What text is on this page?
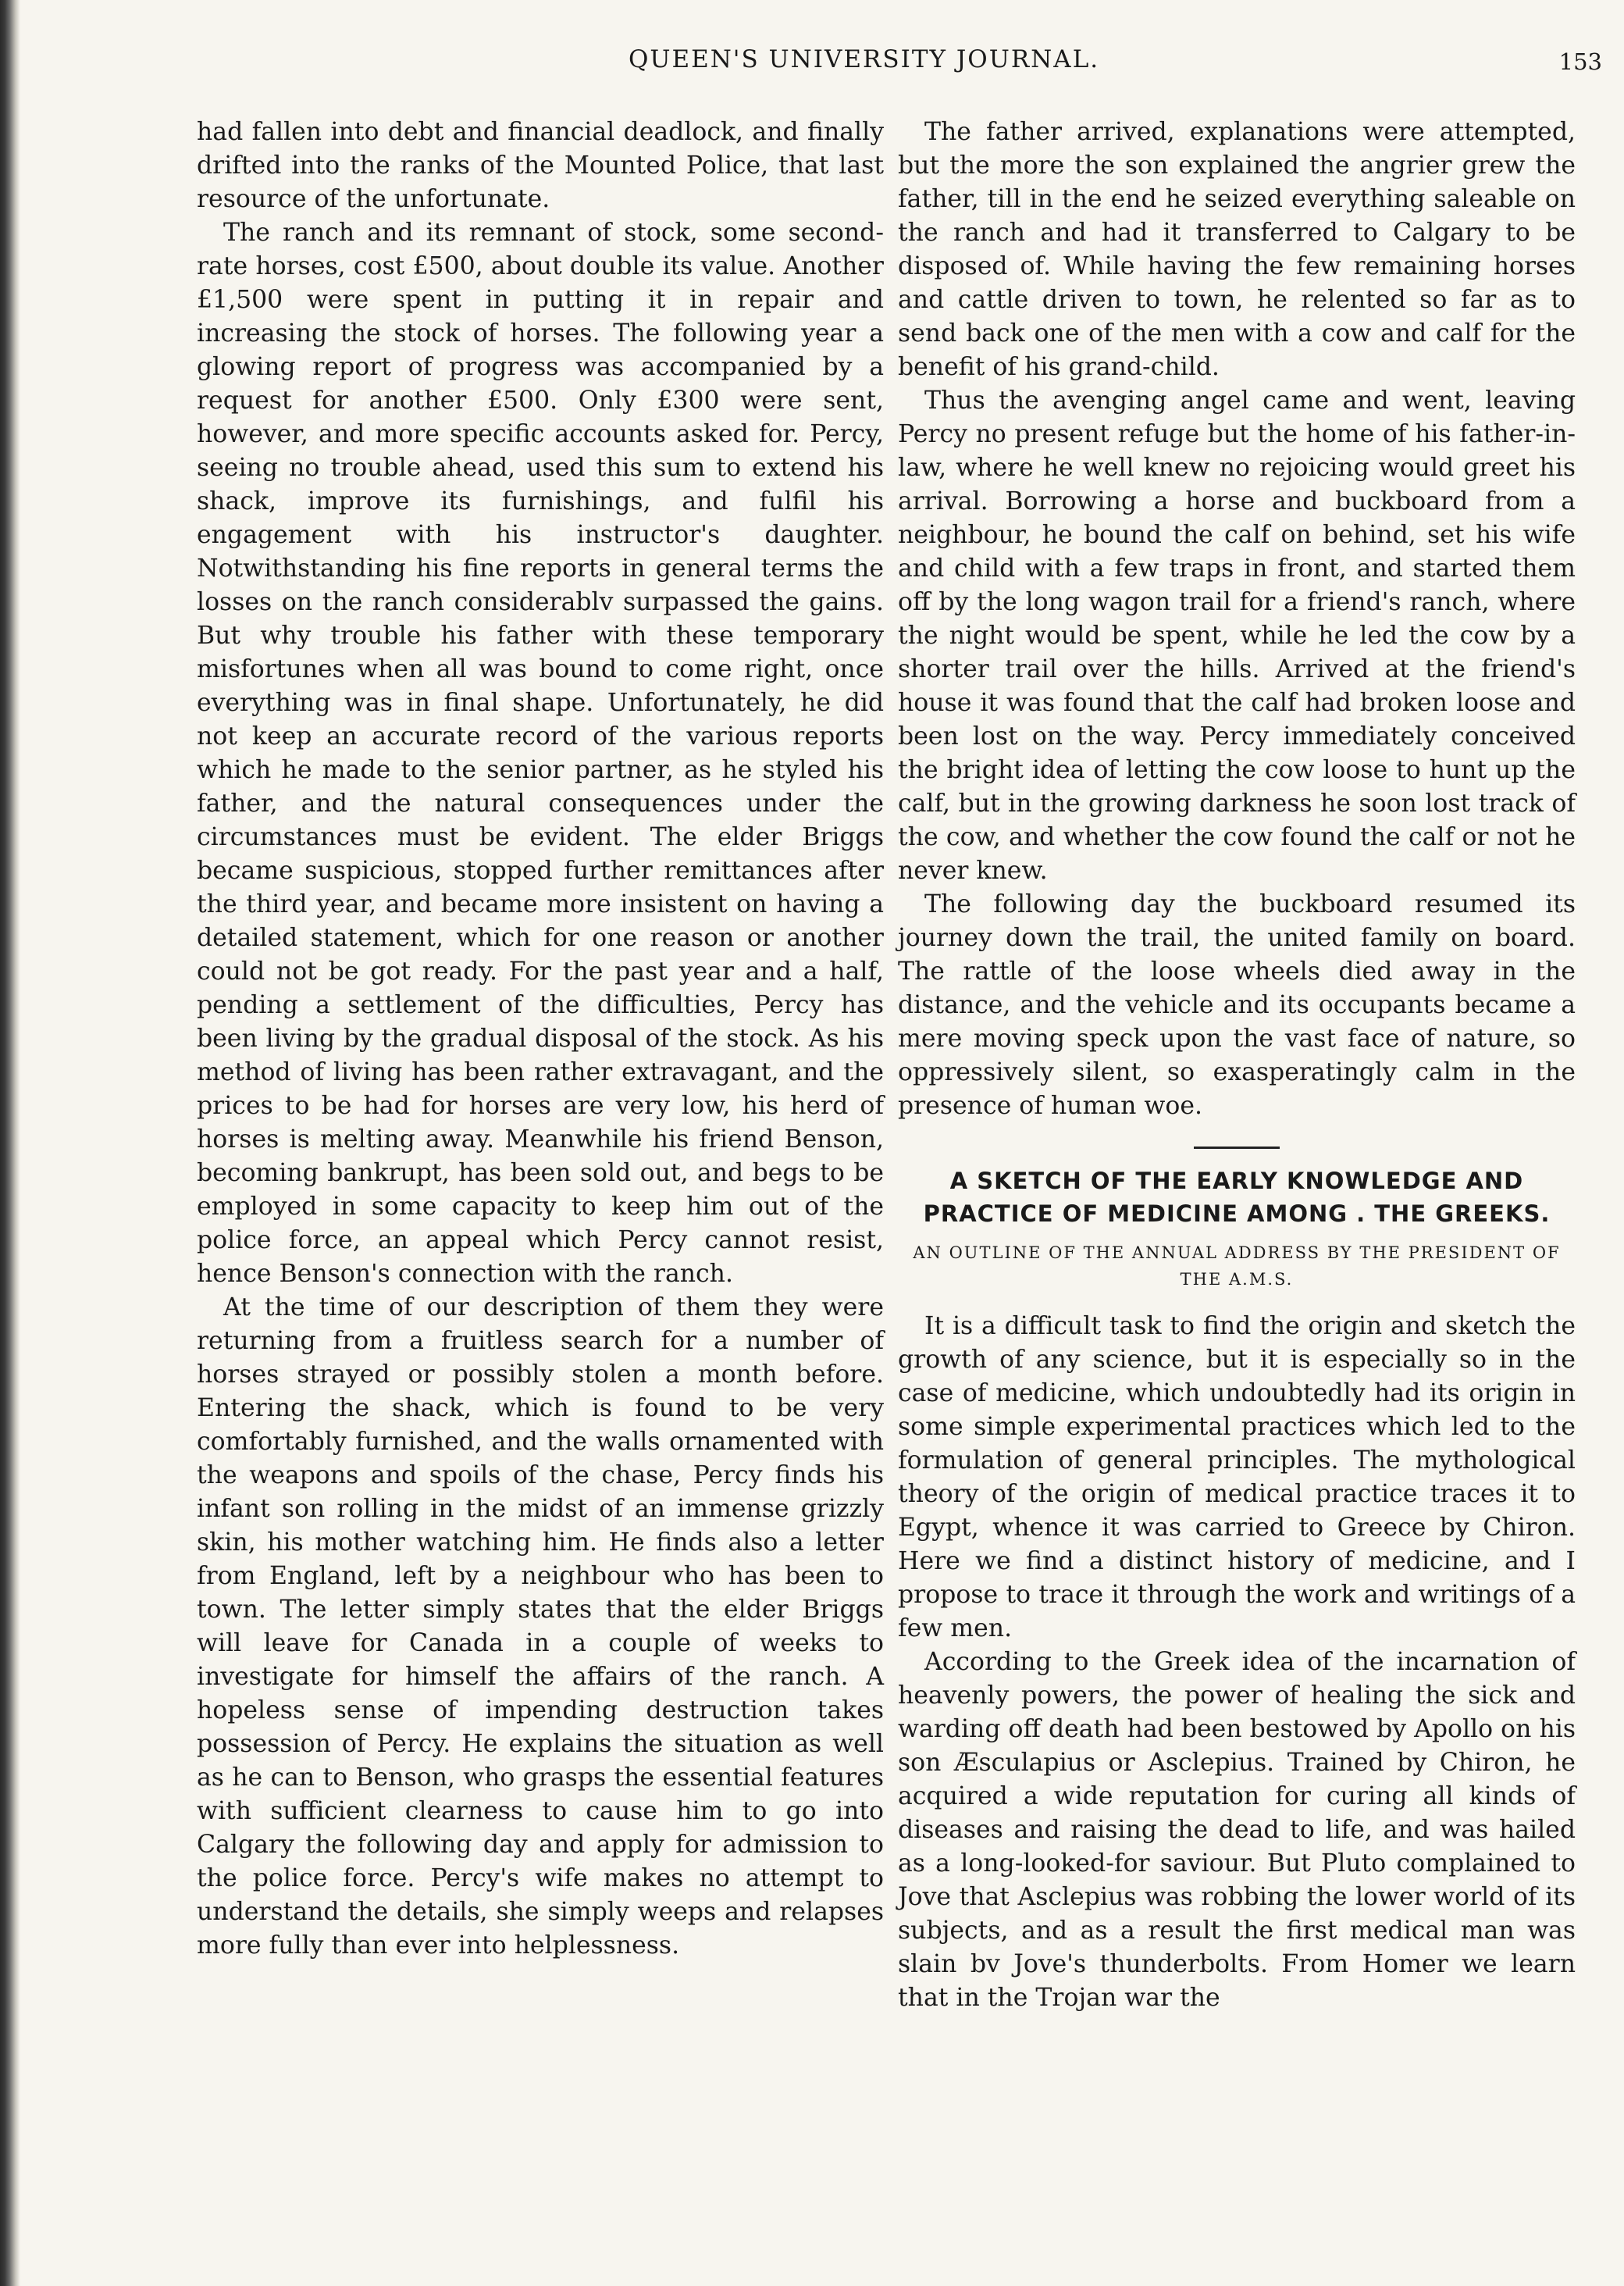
QUEEN'S UNIVERSITY JOURNAL.	153

had fallen into debt and financial deadlock, and finally drifted into the ranks of the Mounted Police, that last resource of the unfortunate.

The ranch and its remnant of stock, some second-rate horses, cost £500, about double its value. Another £1,500 were spent in putting it in repair and increasing the stock of horses. The following year a glowing report of progress was accompanied by a request for another £500. Only £300 were sent, however, and more specific accounts asked for. Percy, seeing no trouble ahead, used this sum to extend his shack, improve its furnishings, and fulfil his engagement with his instructor's daughter. Notwithstanding his fine reports in general terms the losses on the ranch considerablv surpassed the gains. But why trouble his father with these temporary misfortunes when all was bound to come right, once everything was in final shape. Unfortunately, he did not keep an accurate record of the various reports which he made to the senior partner, as he styled his father, and the natural consequences under the circumstances must be evident. The elder Briggs became suspicious, stopped further remittances after the third year, and became more insistent on having a detailed statement, which for one reason or another could not be got ready. For the past year and a half, pending a settlement of the difficulties, Percy has been living by the gradual disposal of the stock. As his method of living has been rather extravagant, and the prices to be had for horses are very low, his herd of horses is melting away. Meanwhile his friend Benson, becoming bankrupt, has been sold out, and begs to be employed in some capacity to keep him out of the police force, an appeal which Percy cannot resist, hence Benson's connection with the ranch.

At the time of our description of them they were returning from a fruitless search for a number of horses strayed or possibly stolen a month before. Entering the shack, which is found to be very comfortably furnished, and the walls ornamented with the weapons and spoils of the chase, Percy finds his infant son rolling in the midst of an immense grizzly skin, his mother watching him. He finds also a letter from England, left by a neighbour who has been to town. The letter simply states that the elder Briggs will leave for Canada in a couple of weeks to investigate for himself the affairs of the ranch. A hopeless sense of impending destruction takes possession of Percy. He explains the situation as well as he can to Benson, who grasps the essential features with sufficient clearness to cause him to go into Calgary the following day and apply for admission to the police force. Percy's wife makes no attempt to understand the details, she simply weeps and relapses more fully than ever into helplessness.

The father arrived, explanations were attempted, but the more the son explained the angrier grew the father, till in the end he seized everything saleable on the ranch and had it transferred to Calgary to be disposed of. While having the few remaining horses and cattle driven to town, he relented so far as to send back one of the men with a cow and calf for the benefit of his grand-child.

Thus the avenging angel came and went, leaving Percy no present refuge but the home of his father-in-law, where he well knew no rejoicing would greet his arrival. Borrowing a horse and buckboard from a neighbour, he bound the calf on behind, set his wife and child with a few traps in front, and started them off by the long wagon trail for a friend's ranch, where the night would be spent, while he led the cow by a shorter trail over the hills. Arrived at the friend's house it was found that the calf had broken loose and been lost on the way. Percy immediately conceived the bright idea of letting the cow loose to hunt up the calf, but in the growing darkness he soon lost track of the cow, and whether the cow found the calf or not he never knew.

The following day the buckboard resumed its journey down the trail, the united family on board. The rattle of the loose wheels died away in the distance, and the vehicle and its occupants became a mere moving speck upon the vast face of nature, so oppressively silent, so exasperatingly calm in the presence of human woe.

A SKETCH OF THE EARLY KNOWLEDGE AND PRACTICE OF MEDICINE AMONG . THE GREEKS.
AN OUTLINE OF THE ANNUAL ADDRESS BY THE PRESIDENT OF THE A.M.S.

It is a difficult task to find the origin and sketch the growth of any science, but it is especially so in the case of medicine, which undoubtedly had its origin in some simple experimental practices which led to the formulation of general principles. The mythological theory of the origin of medical practice traces it to Egypt, whence it was carried to Greece by Chiron. Here we find a distinct history of medicine, and I propose to trace it through the work and writings of a few men.

According to the Greek idea of the incarnation of heavenly powers, the power of healing the sick and warding off death had been bestowed by Apollo on his son Æsculapius or Asclepius. Trained by Chiron, he acquired a wide reputation for curing all kinds of diseases and raising the dead to life, and was hailed as a long-looked-for saviour. But Pluto complained to Jove that Asclepius was robbing the lower world of its subjects, and as a result the first medical man was slain bv Jove's thunderbolts. From Homer we learn that in the Trojan war the
